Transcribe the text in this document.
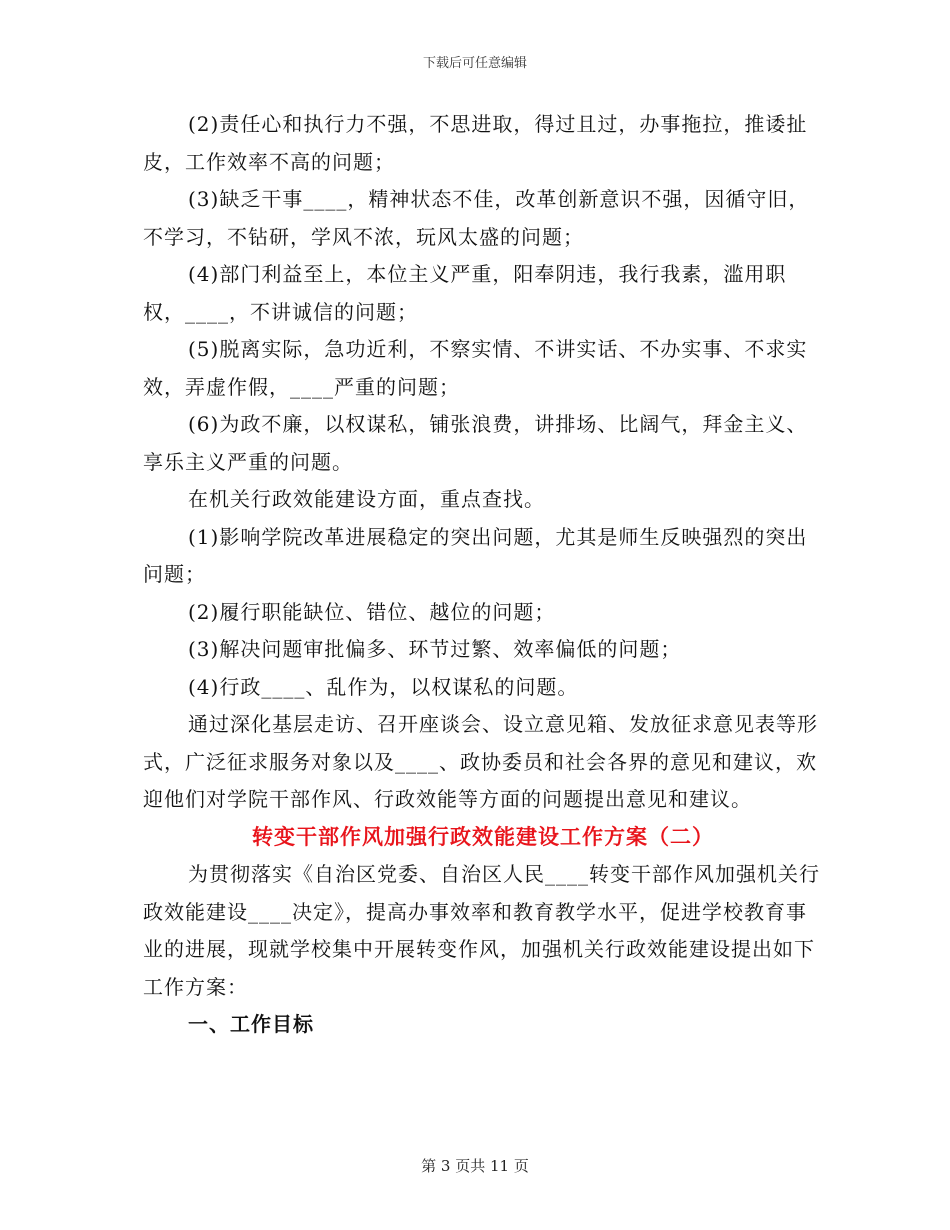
下载后可任意编辑

(2)责任心和执行力不强，不思进取，得过且过，办事拖拉，推诿扯皮，工作效率不高的问题；

(3)缺乏干事____，精神状态不佳，改革创新意识不强，因循守旧，不学习，不钻研，学风不浓，玩风太盛的问题；

(4)部门利益至上，本位主义严重，阳奉阴违，我行我素，滥用职权，____，不讲诚信的问题；

(5)脱离实际，急功近利，不察实情、不讲实话、不办实事、不求实效，弄虚作假，____严重的问题；

(6)为政不廉，以权谋私，铺张浪费，讲排场、比阔气，拜金主义、享乐主义严重的问题。

在机关行政效能建设方面，重点查找。

(1)影响学院改革进展稳定的突出问题，尤其是师生反映强烈的突出问题；

(2)履行职能缺位、错位、越位的问题；

(3)解决问题审批偏多、环节过繁、效率偏低的问题；

(4)行政____、乱作为，以权谋私的问题。

通过深化基层走访、召开座谈会、设立意见箱、发放征求意见表等形式，广泛征求服务对象以及____、政协委员和社会各界的意见和建议，欢迎他们对学院干部作风、行政效能等方面的问题提出意见和建议。

转变干部作风加强行政效能建设工作方案（二）

为贯彻落实《自治区党委、自治区人民____转变干部作风加强机关行政效能建设____决定》，提高办事效率和教育教学水平，促进学校教育事业的进展，现就学校集中开展转变作风，加强机关行政效能建设提出如下工作方案：

一、工作目标

第 3 页共 11 页
